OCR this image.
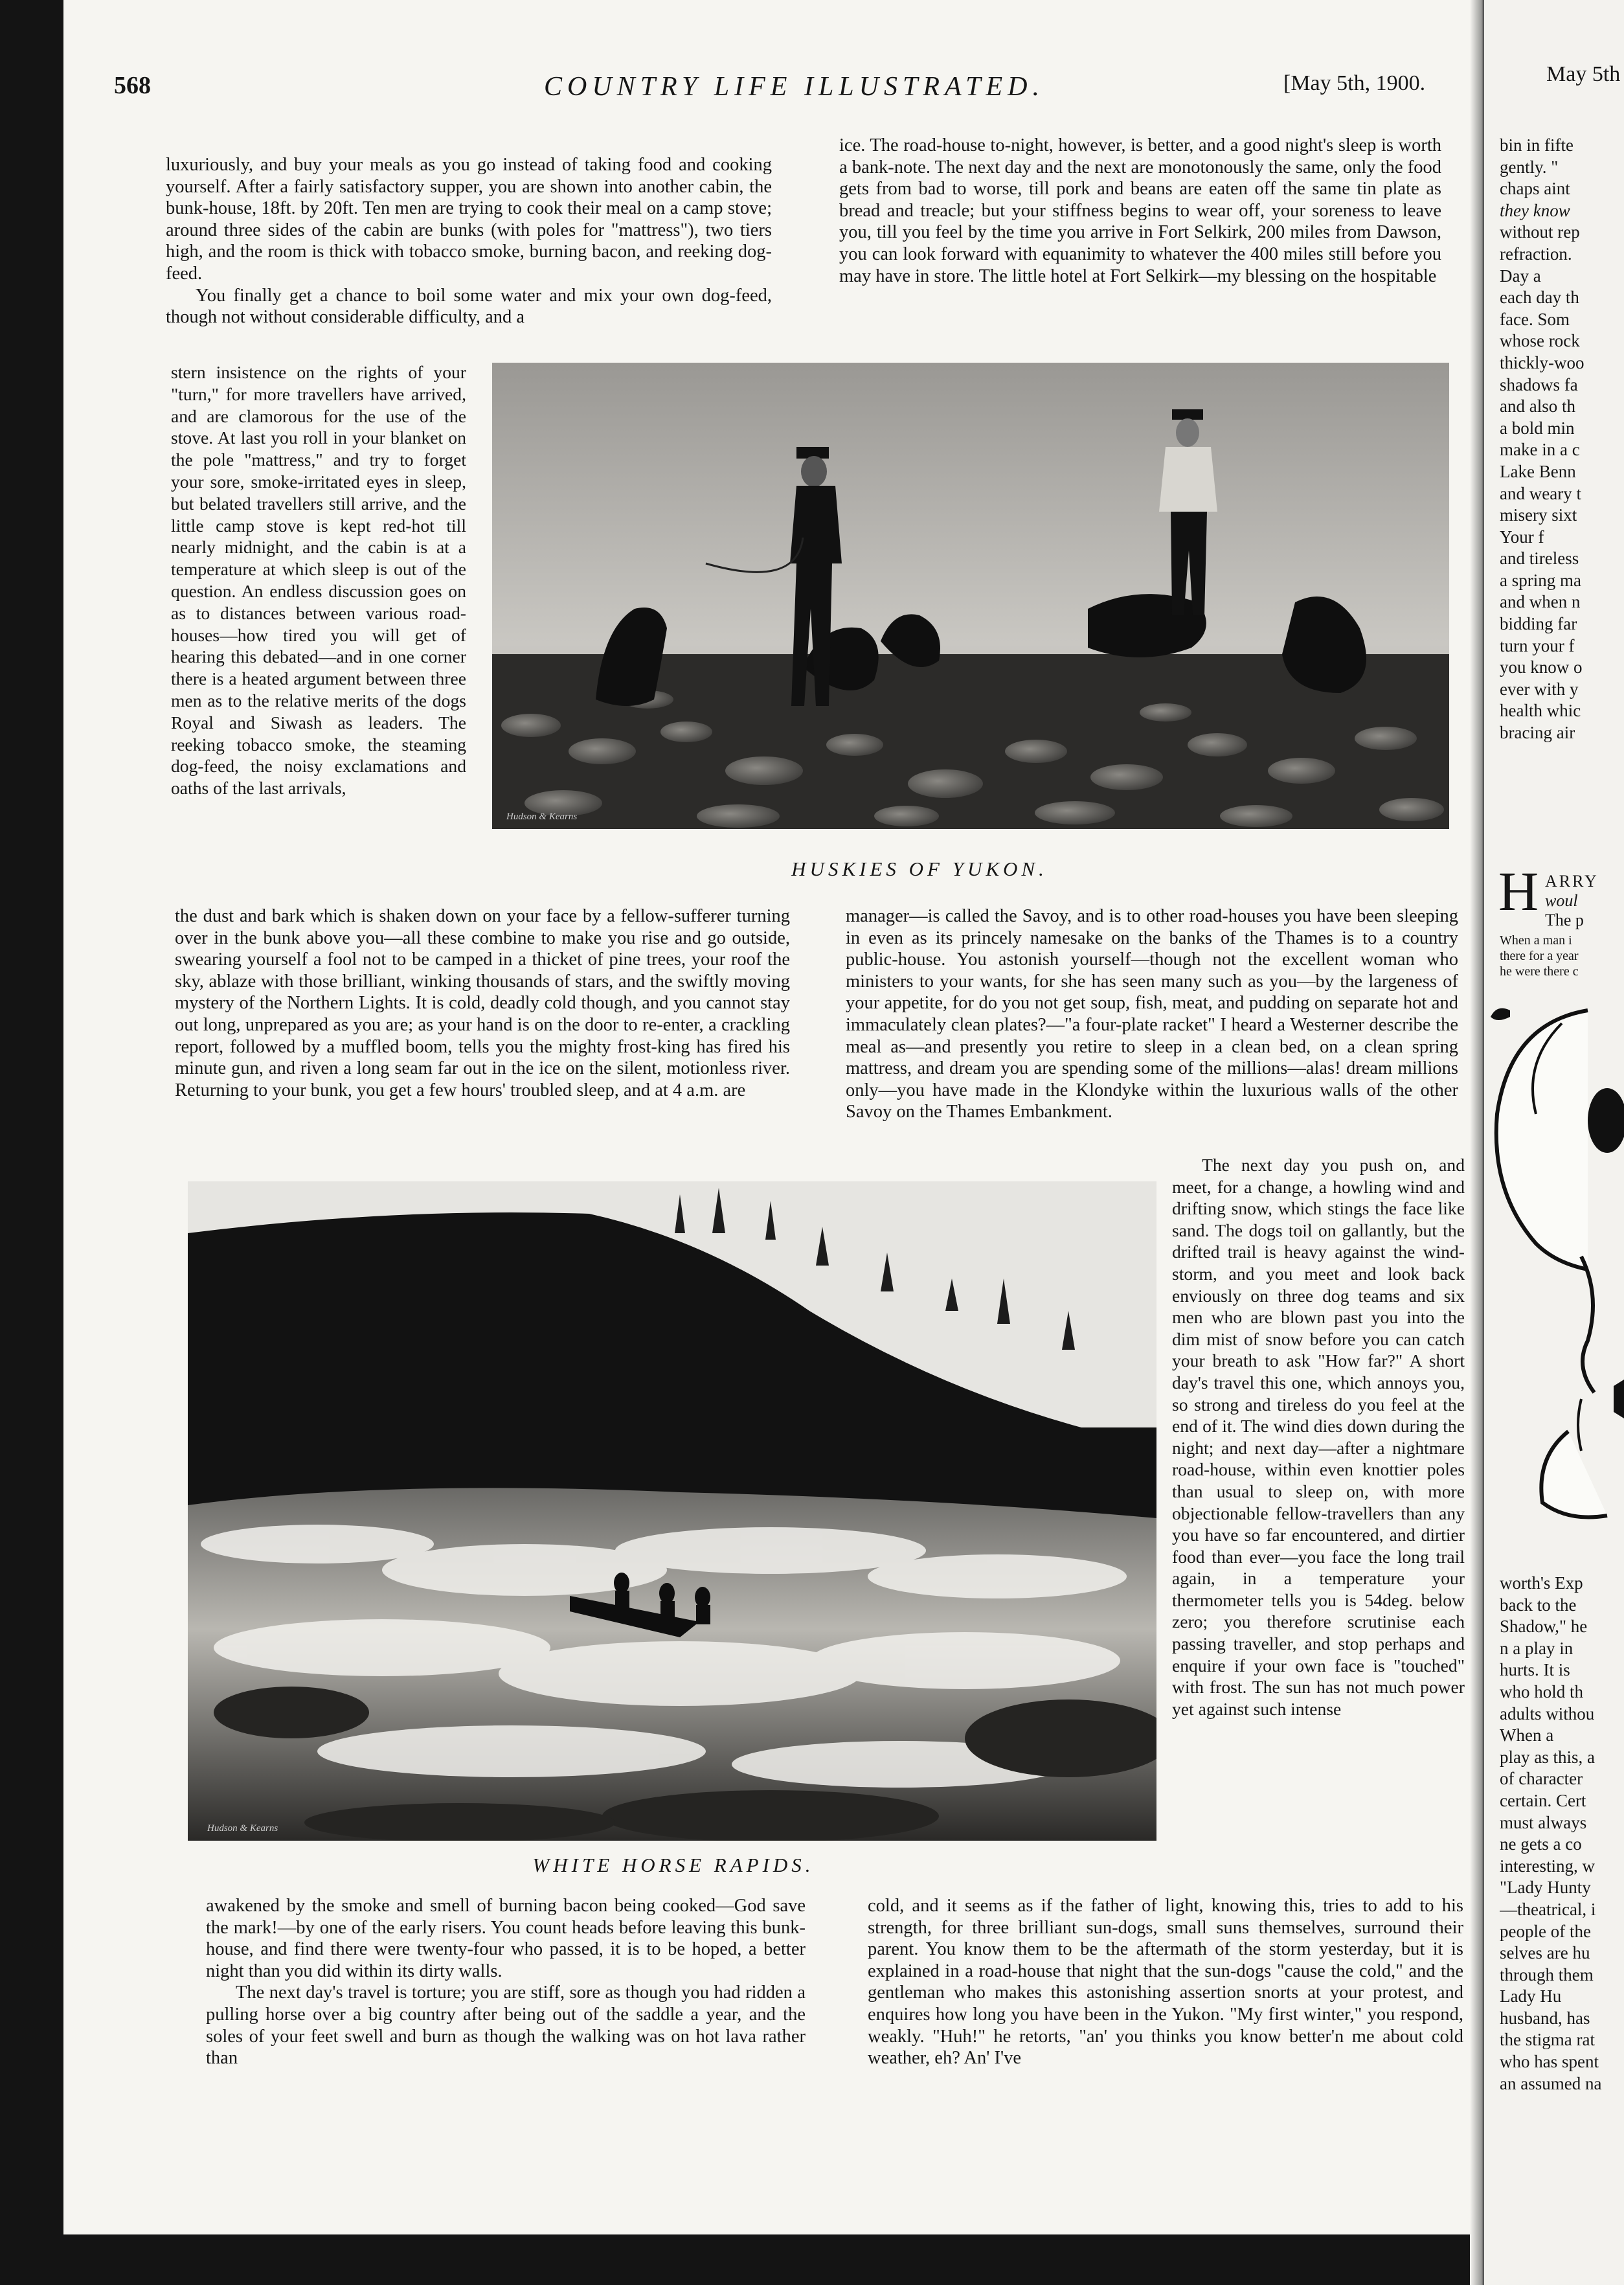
568	COUNTRY LIFE ILLUSTRATED.	[May 5th, 1900.

luxuriously, and buy your meals as you go instead of taking food and cooking yourself. After a fairly satisfactory supper, you are shown into another cabin, the bunk-house, 18ft. by 20ft. Ten men are trying to cook their meal on a camp stove; around three sides of the cabin are bunks (with poles for "mattress"), two tiers high, and the room is thick with tobacco smoke, burning bacon, and reeking dog-feed.

You finally get a chance to boil some water and mix your own dog-feed, though not without considerable difficulty, and a

stern insistence on the rights of your "turn," for more travellers have arrived, and are clamorous for the use of the stove. At last you roll in your blanket on the pole "mattress," and try to forget your sore, smoke-irritated eyes in sleep, but belated travellers still arrive, and the little camp stove is kept red-hot till nearly midnight, and the cabin is at a temperature at which sleep is out of the question. An endless discussion goes on as to distances between various road-houses—how tired you will get of hearing this debated—and in one corner there is a heated argument between three men as to the relative merits of the dogs Royal and Siwash as leaders. The reeking tobacco smoke, the steaming dog-feed, the noisy exclamations and oaths of the last arrivals,

Hudson & Kearns
HUSKIES OF YUKON.

the dust and bark which is shaken down on your face by a fellow-sufferer turning over in the bunk above you—all these combine to make you rise and go outside, swearing yourself a fool not to be camped in a thicket of pine trees, your roof the sky, ablaze with those brilliant, winking thousands of stars, and the swiftly moving mystery of the Northern Lights. It is cold, deadly cold though, and you cannot stay out long, unprepared as you are; as your hand is on the door to re-enter, a crackling report, followed by a muffled boom, tells you the mighty frost-king has fired his minute gun, and riven a long seam far out in the ice on the silent, motionless river. Returning to your bunk, you get a few hours' troubled sleep, and at 4 a.m. are

ice. The road-house to-night, however, is better, and a good night's sleep is worth a bank-note. The next day and the next are monotonously the same, only the food gets from bad to worse, till pork and beans are eaten off the same tin plate as bread and treacle; but your stiffness begins to wear off, your soreness to leave you, till you feel by the time you arrive in Fort Selkirk, 200 miles from Dawson, you can look forward with equanimity to whatever the 400 miles still before you may have in store. The little hotel at Fort Selkirk—my blessing on the hospitable

manager—is called the Savoy, and is to other road-houses you have been sleeping in even as its princely namesake on the banks of the Thames is to a country public-house. You astonish yourself—though not the excellent woman who ministers to your wants, for she has seen many such as you—by the largeness of your appetite, for do you not get soup, fish, meat, and pudding on separate hot and immaculately clean plates?—"a four-plate racket" I heard a Westerner describe the meal as—and presently you retire to sleep in a clean bed, on a clean spring mattress, and dream you are spending some of the millions—alas! dream millions only—you have made in the Klondyke within the luxurious walls of the other Savoy on the Thames Embankment.

Hudson & Kearns
WHITE HORSE RAPIDS.

The next day you push on, and meet, for a change, a howling wind and drifting snow, which stings the face like sand. The dogs toil on gallantly, but the drifted trail is heavy against the wind-storm, and you meet and look back enviously on three dog teams and six men who are blown past you into the dim mist of snow before you can catch your breath to ask "How far?" A short day's travel this one, which annoys you, so strong and tireless do you feel at the end of it. The wind dies down during the night; and next day—after a nightmare road-house, within even knottier poles than usual to sleep on, with more objectionable fellow-travellers than any you have so far encountered, and dirtier food than ever—you face the long trail again, in a temperature your thermometer tells you is 54deg. below zero; you therefore scrutinise each passing traveller, and stop perhaps and enquire if your own face is "touched" with frost. The sun has not much power yet against such intense

awakened by the smoke and smell of burning bacon being cooked—God save the mark!—by one of the early risers. You count heads before leaving this bunk-house, and find there were twenty-four who passed, it is to be hoped, a better night than you did within its dirty walls.

The next day's travel is torture; you are stiff, sore as though you had ridden a pulling horse over a big country after being out of the saddle a year, and the soles of your feet swell and burn as though the walking was on hot lava rather than

cold, and it seems as if the father of light, knowing this, tries to add to his strength, for three brilliant sun-dogs, small suns themselves, surround their parent. You know them to be the aftermath of the storm yesterday, but it is explained in a road-house that night that the sun-dogs "cause the cold," and the gentleman who makes this astonishing assertion snorts at your protest, and enquires how long you have been in the Yukon. "My first winter," you respond, weakly. "Huh!" he retorts, "an' you thinks you know better'n me about cold weather, eh? An' I've

May 5th
bin in fifte
gently. "
chaps aint
they know
without rep
refraction.
Day a
each day th
face. Som
whose rock
thickly-woo
shadows fa
and also th
a bold min
make in a c
Lake Benn
and weary t
misery sixt
Your f
and tireless
a spring ma
and when n
bidding far
turn your f
you know o
ever with y
health whic
bracing air
H ARRY
woul
The p
When a man i
there for a year
he were there c
worth's Exp
back to the
Shadow," he
n a play in
hurts. It is
who hold th
adults withou
When a
play as this, a
of character
certain. Cert
must always
ne gets a co
interesting, w
"Lady Hunty
—theatrical, i
people of the
selves are hu
through them
Lady Hu
husband, has
the stigma rat
who has spent
an assumed na
